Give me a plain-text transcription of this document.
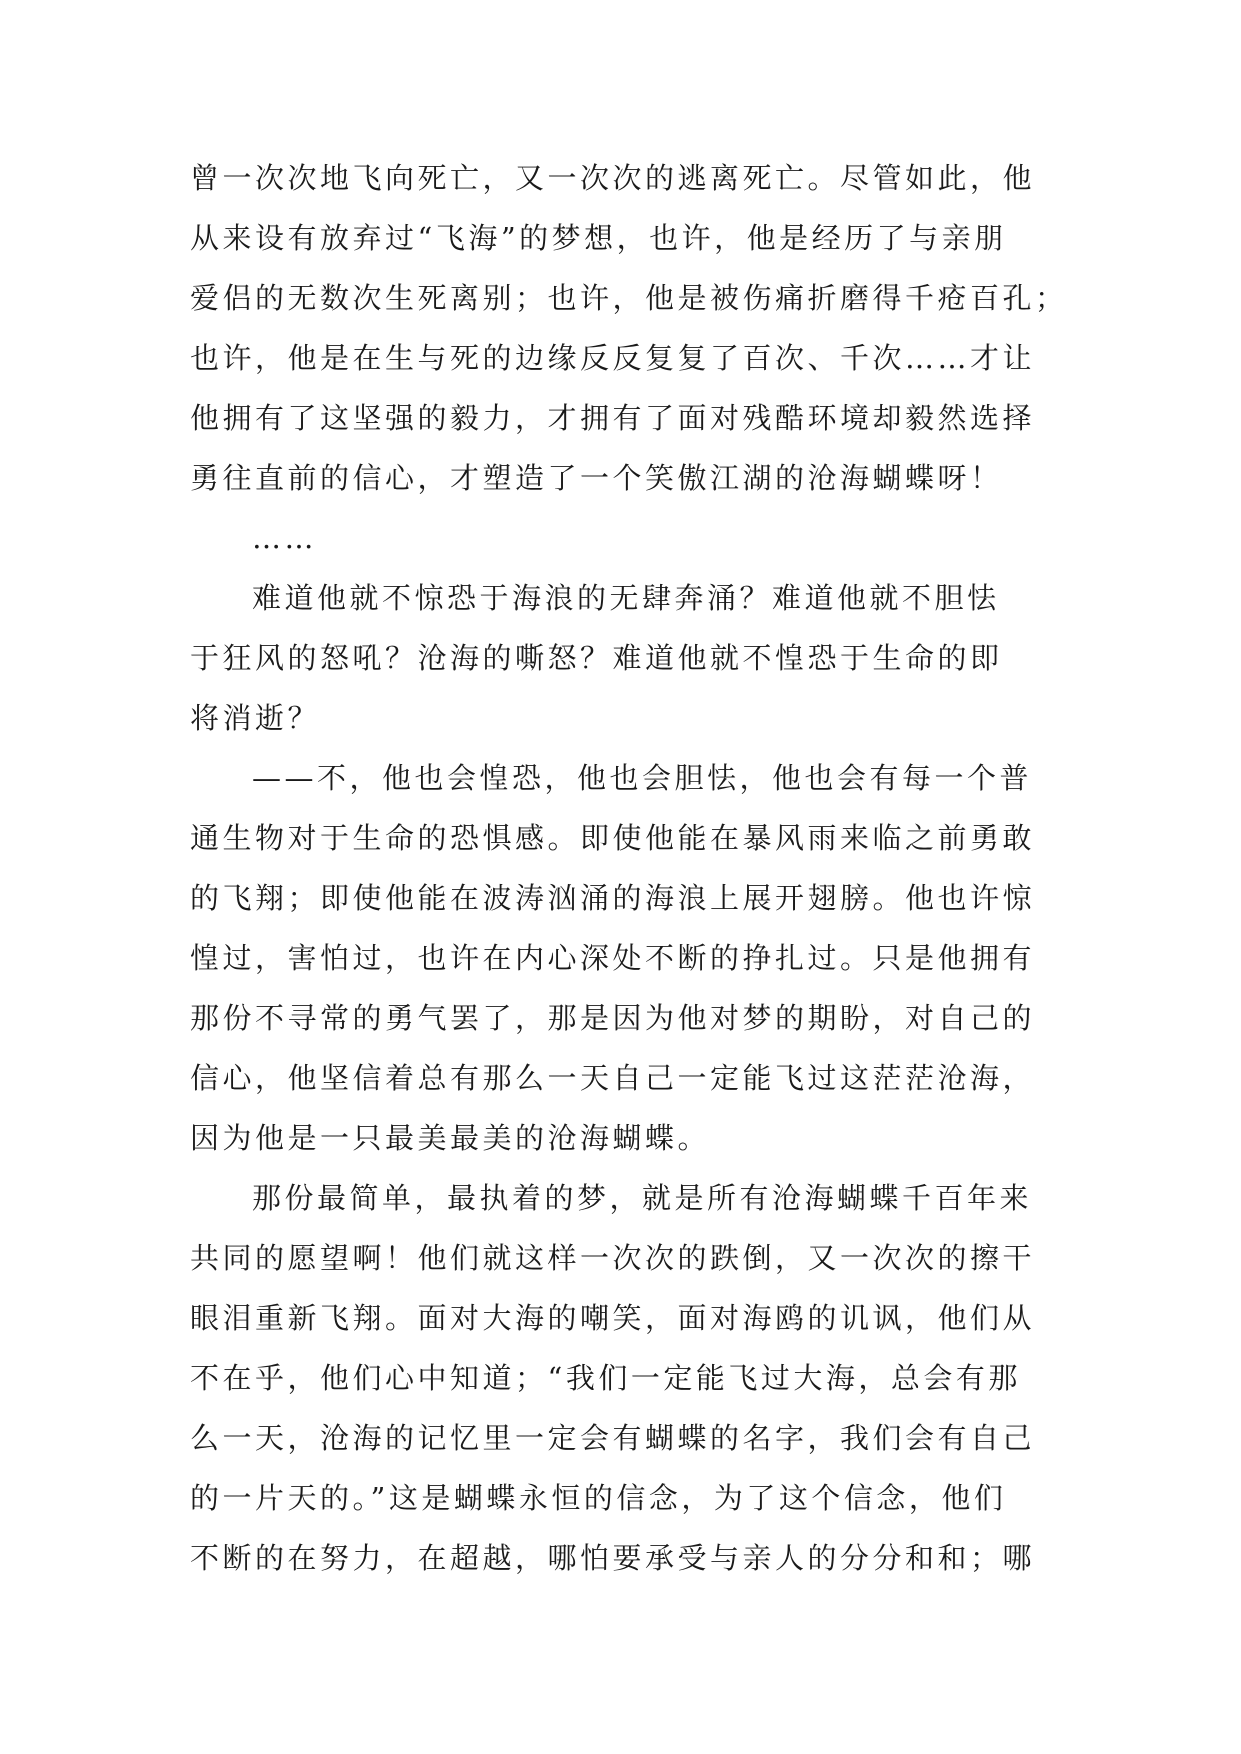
曾一次次地飞向死亡，又一次次的逃离死亡。尽管如此，他
从来设有放弃过“飞海”的梦想，也许，他是经历了与亲朋
爱侣的无数次生死离别；也许，他是被伤痛折磨得千疮百孔；
也许，他是在生与死的边缘反反复复了百次、千次……才让
他拥有了这坚强的毅力，才拥有了面对残酷环境却毅然选择
勇往直前的信心，才塑造了一个笑傲江湖的沧海蝴蝶呀！
……
难道他就不惊恐于海浪的无肆奔涌？难道他就不胆怯
于狂风的怒吼？沧海的嘶怒？难道他就不惶恐于生命的即
将消逝？
——不，他也会惶恐，他也会胆怯，他也会有每一个普
通生物对于生命的恐惧感。即使他能在暴风雨来临之前勇敢
的飞翔；即使他能在波涛汹涌的海浪上展开翅膀。他也许惊
惶过，害怕过，也许在内心深处不断的挣扎过。只是他拥有
那份不寻常的勇气罢了，那是因为他对梦的期盼，对自己的
信心，他坚信着总有那么一天自己一定能飞过这茫茫沧海，
因为他是一只最美最美的沧海蝴蝶。
那份最简单，最执着的梦，就是所有沧海蝴蝶千百年来
共同的愿望啊！他们就这样一次次的跌倒，又一次次的擦干
眼泪重新飞翔。面对大海的嘲笑，面对海鸥的讥讽，他们从
不在乎，他们心中知道；“我们一定能飞过大海，总会有那
么一天，沧海的记忆里一定会有蝴蝶的名字，我们会有自己
的一片天的。”这是蝴蝶永恒的信念，为了这个信念，他们
不断的在努力，在超越，哪怕要承受与亲人的分分和和；哪
